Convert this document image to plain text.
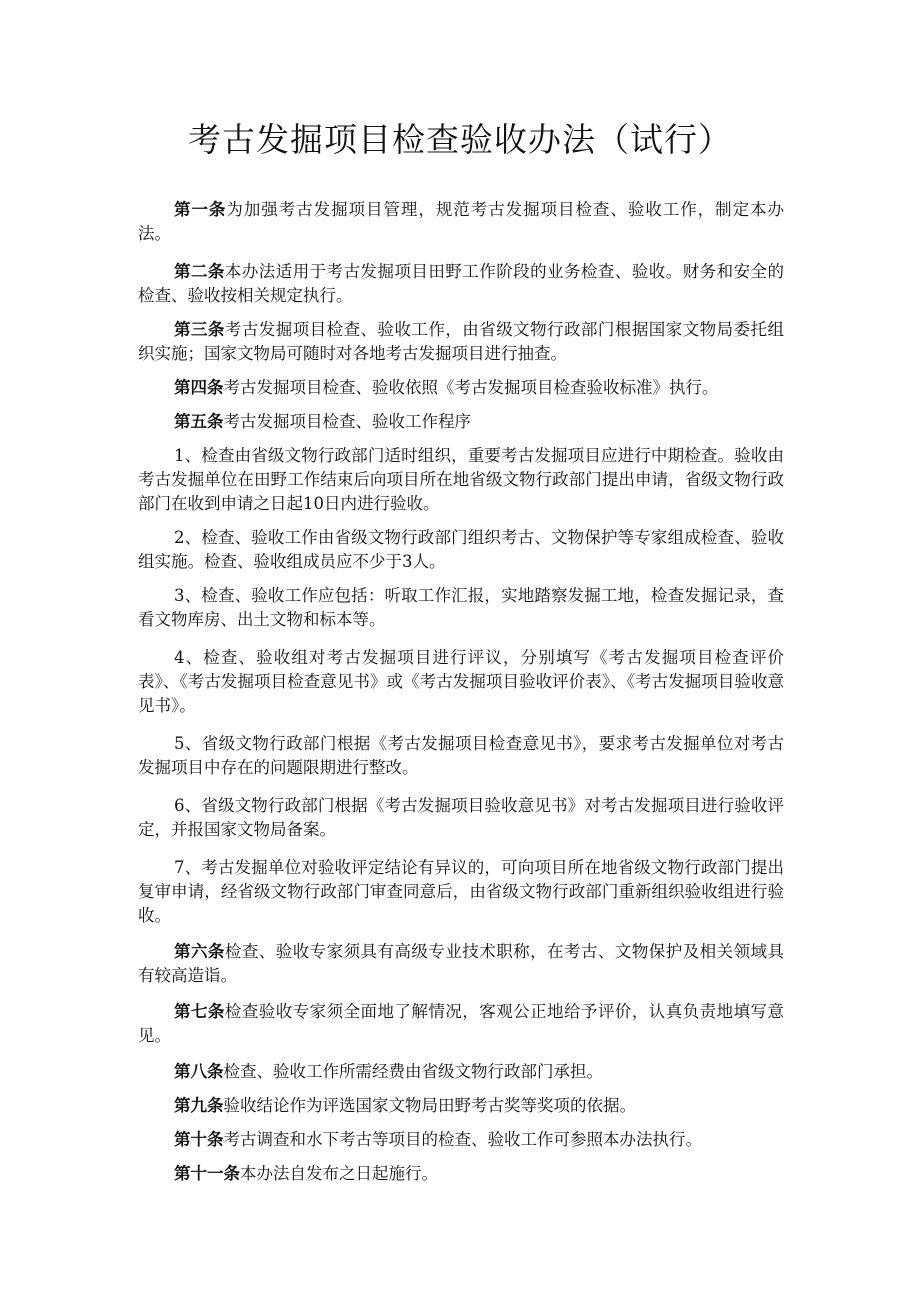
考古发掘项目检查验收办法（试行）

第一条为加强考古发掘项目管理，规范考古发掘项目检查、验收工作，制定本办法。

第二条本办法适用于考古发掘项目田野工作阶段的业务检查、验收。财务和安全的检查、验收按相关规定执行。

第三条考古发掘项目检查、验收工作，由省级文物行政部门根据国家文物局委托组织实施；国家文物局可随时对各地考古发掘项目进行抽查。

第四条考古发掘项目检查、验收依照《考古发掘项目检查验收标准》执行。

第五条考古发掘项目检查、验收工作程序

1、检查由省级文物行政部门适时组织，重要考古发掘项目应进行中期检查。验收由考古发掘单位在田野工作结束后向项目所在地省级文物行政部门提出申请，省级文物行政部门在收到申请之日起10日内进行验收。

2、检查、验收工作由省级文物行政部门组织考古、文物保护等专家组成检查、验收组实施。检查、验收组成员应不少于3人。

3、检查、验收工作应包括：听取工作汇报，实地踏察发掘工地，检查发掘记录，查看文物库房、出土文物和标本等。

4、检查、验收组对考古发掘项目进行评议，分别填写《考古发掘项目检查评价表》、《考古发掘项目检查意见书》或《考古发掘项目验收评价表》、《考古发掘项目验收意见书》。

5、省级文物行政部门根据《考古发掘项目检查意见书》，要求考古发掘单位对考古发掘项目中存在的问题限期进行整改。

6、省级文物行政部门根据《考古发掘项目验收意见书》对考古发掘项目进行验收评定，并报国家文物局备案。

7、考古发掘单位对验收评定结论有异议的，可向项目所在地省级文物行政部门提出复审申请，经省级文物行政部门审查同意后，由省级文物行政部门重新组织验收组进行验收。

第六条检查、验收专家须具有高级专业技术职称，在考古、文物保护及相关领域具有较高造诣。

第七条检查验收专家须全面地了解情况，客观公正地给予评价，认真负责地填写意见。

第八条检查、验收工作所需经费由省级文物行政部门承担。

第九条验收结论作为评选国家文物局田野考古奖等奖项的依据。

第十条考古调查和水下考古等项目的检查、验收工作可参照本办法执行。

第十一条本办法自发布之日起施行。
